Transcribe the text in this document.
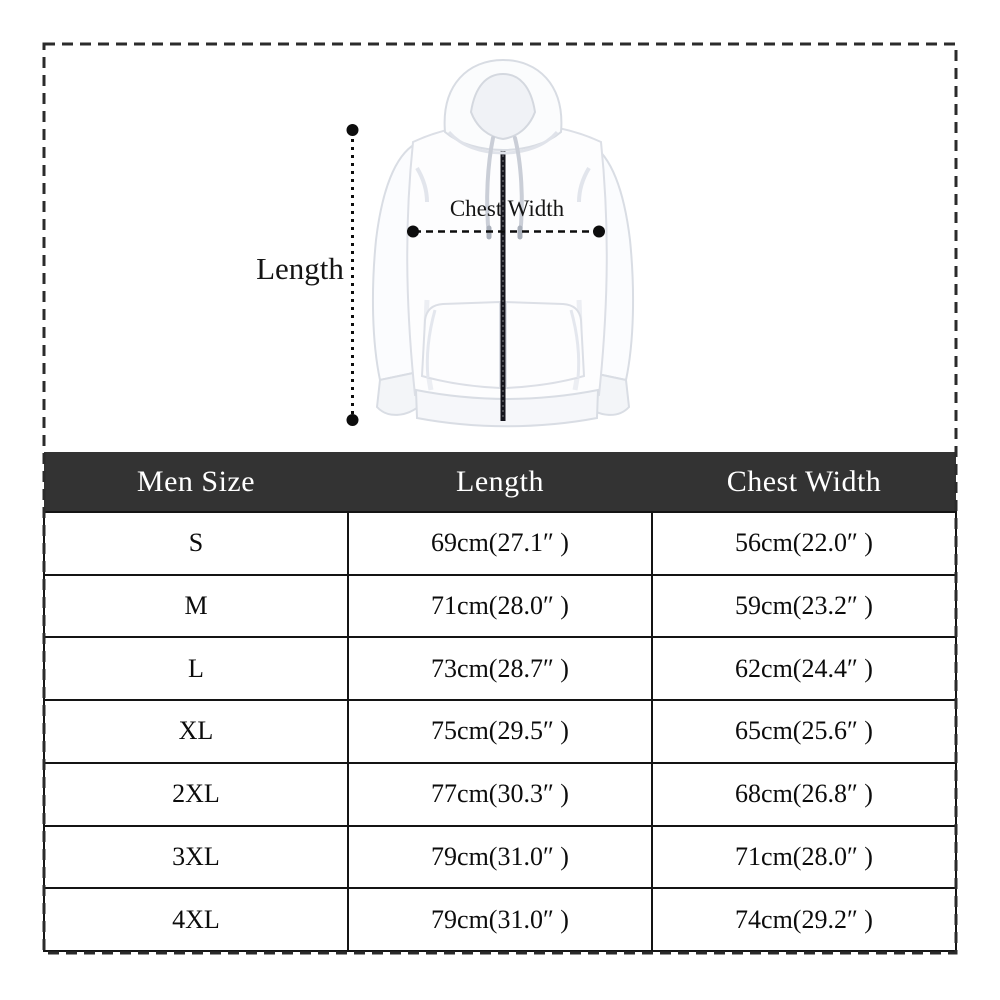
Length
Chest Width
Men Size	Length	Chest Width
S	69cm(27.1″ )	56cm(22.0″ )
M	71cm(28.0″ )	59cm(23.2″ )
L	73cm(28.7″ )	62cm(24.4″ )
XL	75cm(29.5″ )	65cm(25.6″ )
2XL	77cm(30.3″ )	68cm(26.8″ )
3XL	79cm(31.0″ )	71cm(28.0″ )
4XL	79cm(31.0″ )	74cm(29.2″ )
